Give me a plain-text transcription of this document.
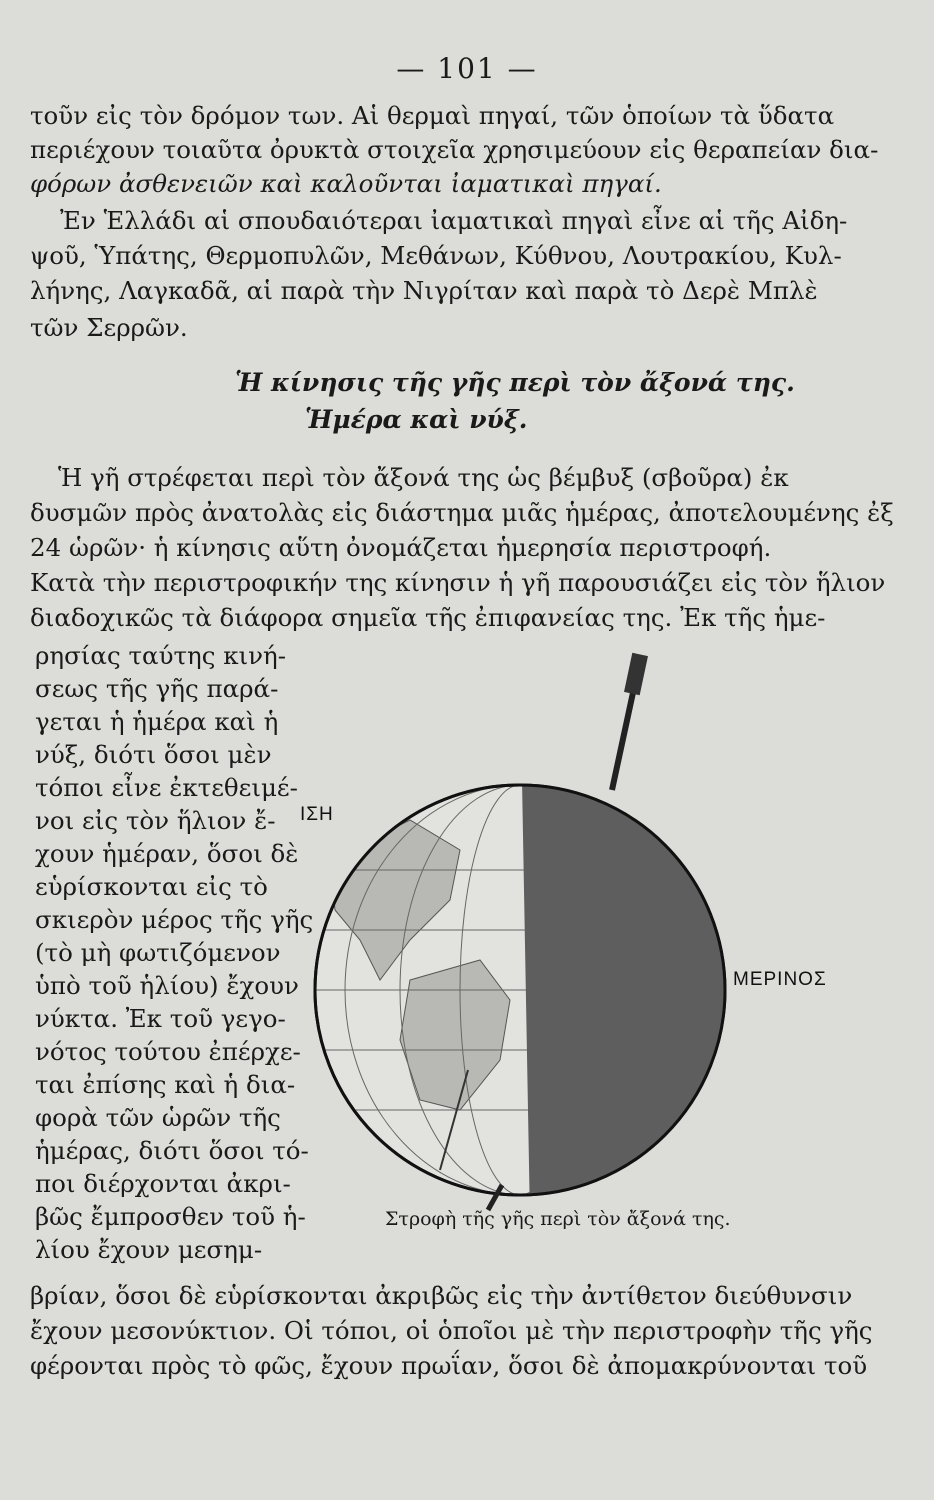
— 101 —
τοῦν εἰς τὸν δρόμον των. Αἱ θερμαὶ πηγαί, τῶν ὁποίων τὰ ὕδατα
περιέχουν τοιαῦτα ὀρυκτὰ στοιχεῖα χρησιμεύουν εἰς θεραπείαν δια-
φόρων ἀσθενειῶν καὶ καλοῦνται ἰαματικαὶ πηγαί.
Ἐν Ἑλλάδι αἱ σπουδαιότεραι ἰαματικαὶ πηγαὶ εἶνε αἱ τῆς Αἰδη-
ψοῦ, Ὑπάτης, Θερμοπυλῶν, Μεθάνων, Κύθνου, Λουτρακίου, Κυλ-
λήνης, Λαγκαδᾶ, αἱ παρὰ τὴν Νιγρίταν καὶ παρὰ τὸ Δερὲ Μπλὲ
τῶν Σερρῶν.
Ἡ κίνησις τῆς γῆς περὶ τὸν ἄξονά της.
Ἡμέρα καὶ νύξ.
Ἡ γῆ στρέφεται περὶ τὸν ἄξονά της ὡς βέμβυξ (σβοῦρα) ἐκ
δυσμῶν πρὸς ἀνατολὰς εἰς διάστημα μιᾶς ἡμέρας, ἀποτελουμένης ἐξ
24 ὡρῶν· ἡ κίνησις αὕτη ὀνομάζεται ἡμερησία περιστροφή.
Κατὰ τὴν περιστροφικήν της κίνησιν ἡ γῆ παρουσιάζει εἰς τὸν ἥλιον
διαδοχικῶς τὰ διάφορα σημεῖα τῆς ἐπιφανείας της. Ἐκ τῆς ἡμε-
ρησίας ταύτης κινή-
σεως τῆς γῆς παρά-
γεται ἡ ἡμέρα καὶ ἡ
νύξ, διότι ὅσοι μὲν
τόποι εἶνε ἐκτεθειμέ-
νοι εἰς τὸν ἥλιον ἔ-
χουν ἡμέραν, ὅσοι δὲ
εὑρίσκονται εἰς τὸ
σκιερὸν μέρος τῆς γῆς
(τὸ μὴ φωτιζόμενον
ὑπὸ τοῦ ἡλίου) ἔχουν
νύκτα. Ἐκ τοῦ γεγο-
νότος τούτου ἐπέρχε-
ται ἐπίσης καὶ ἡ δια-
φορὰ τῶν ὡρῶν τῆς
ἡμέρας, διότι ὅσοι τό-
ποι διέρχονται ἀκρι-
βῶς ἔμπροσθεν τοῦ ἡ-
λίου ἔχουν μεσημ-
βρίαν, ὅσοι δὲ εὑρίσκονται ἀκριβῶς εἰς τὴν ἀντίθετον διεύθυνσιν
ἔχουν μεσονύκτιον. Οἱ τόποι, οἱ ὁποῖοι μὲ τὴν περιστροφὴν τῆς γῆς
φέρονται πρὸς τὸ φῶς, ἔχουν πρωΐαν, ὅσοι δὲ ἀπομακρύνονται τοῦ
ΙΣΗ
ΜΕΡΙΝΟΣ
Στροφὴ τῆς γῆς περὶ τὸν ἄξονά της.
